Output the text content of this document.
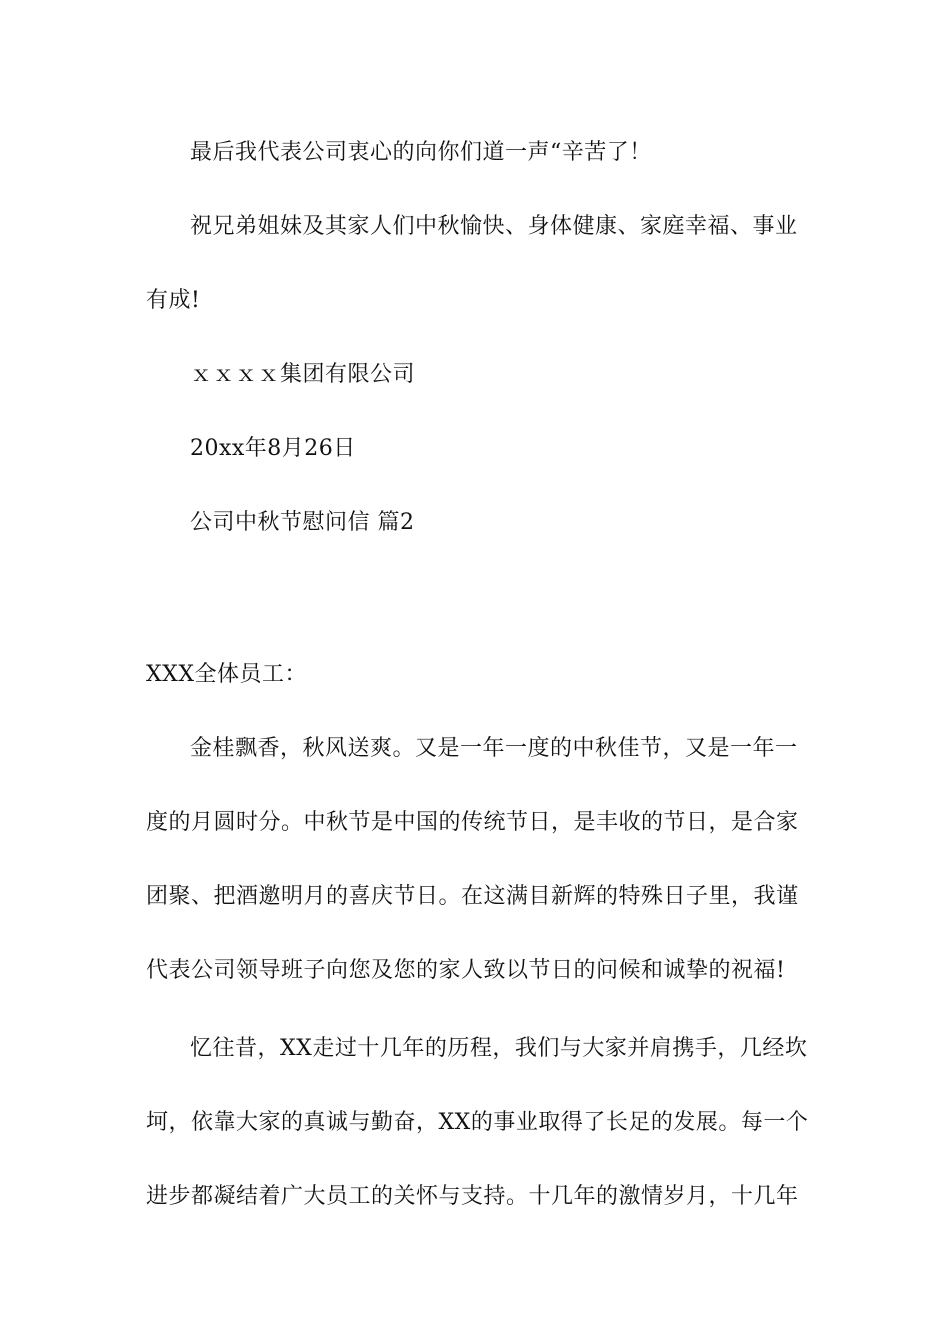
最后我代表公司衷心的向你们道一声“辛苦了！
祝兄弟姐妹及其家人们中秋愉快、身体健康、家庭幸福、事业
有成!
ｘｘｘｘ集团有限公司
20xx年8月26日
公司中秋节慰问信 篇2
XXX全体员工：
金桂飘香，秋风送爽。又是一年一度的中秋佳节，又是一年一
度的月圆时分。中秋节是中国的传统节日，是丰收的节日，是合家
团聚、把酒邀明月的喜庆节日。在这满目新辉的特殊日子里，我谨
代表公司领导班子向您及您的家人致以节日的问候和诚挚的祝福!
忆往昔，XX走过十几年的历程，我们与大家并肩携手，几经坎
坷，依靠大家的真诚与勤奋，XX的事业取得了长足的发展。每一个
进步都凝结着广大员工的关怀与支持。十几年的激情岁月，十几年
